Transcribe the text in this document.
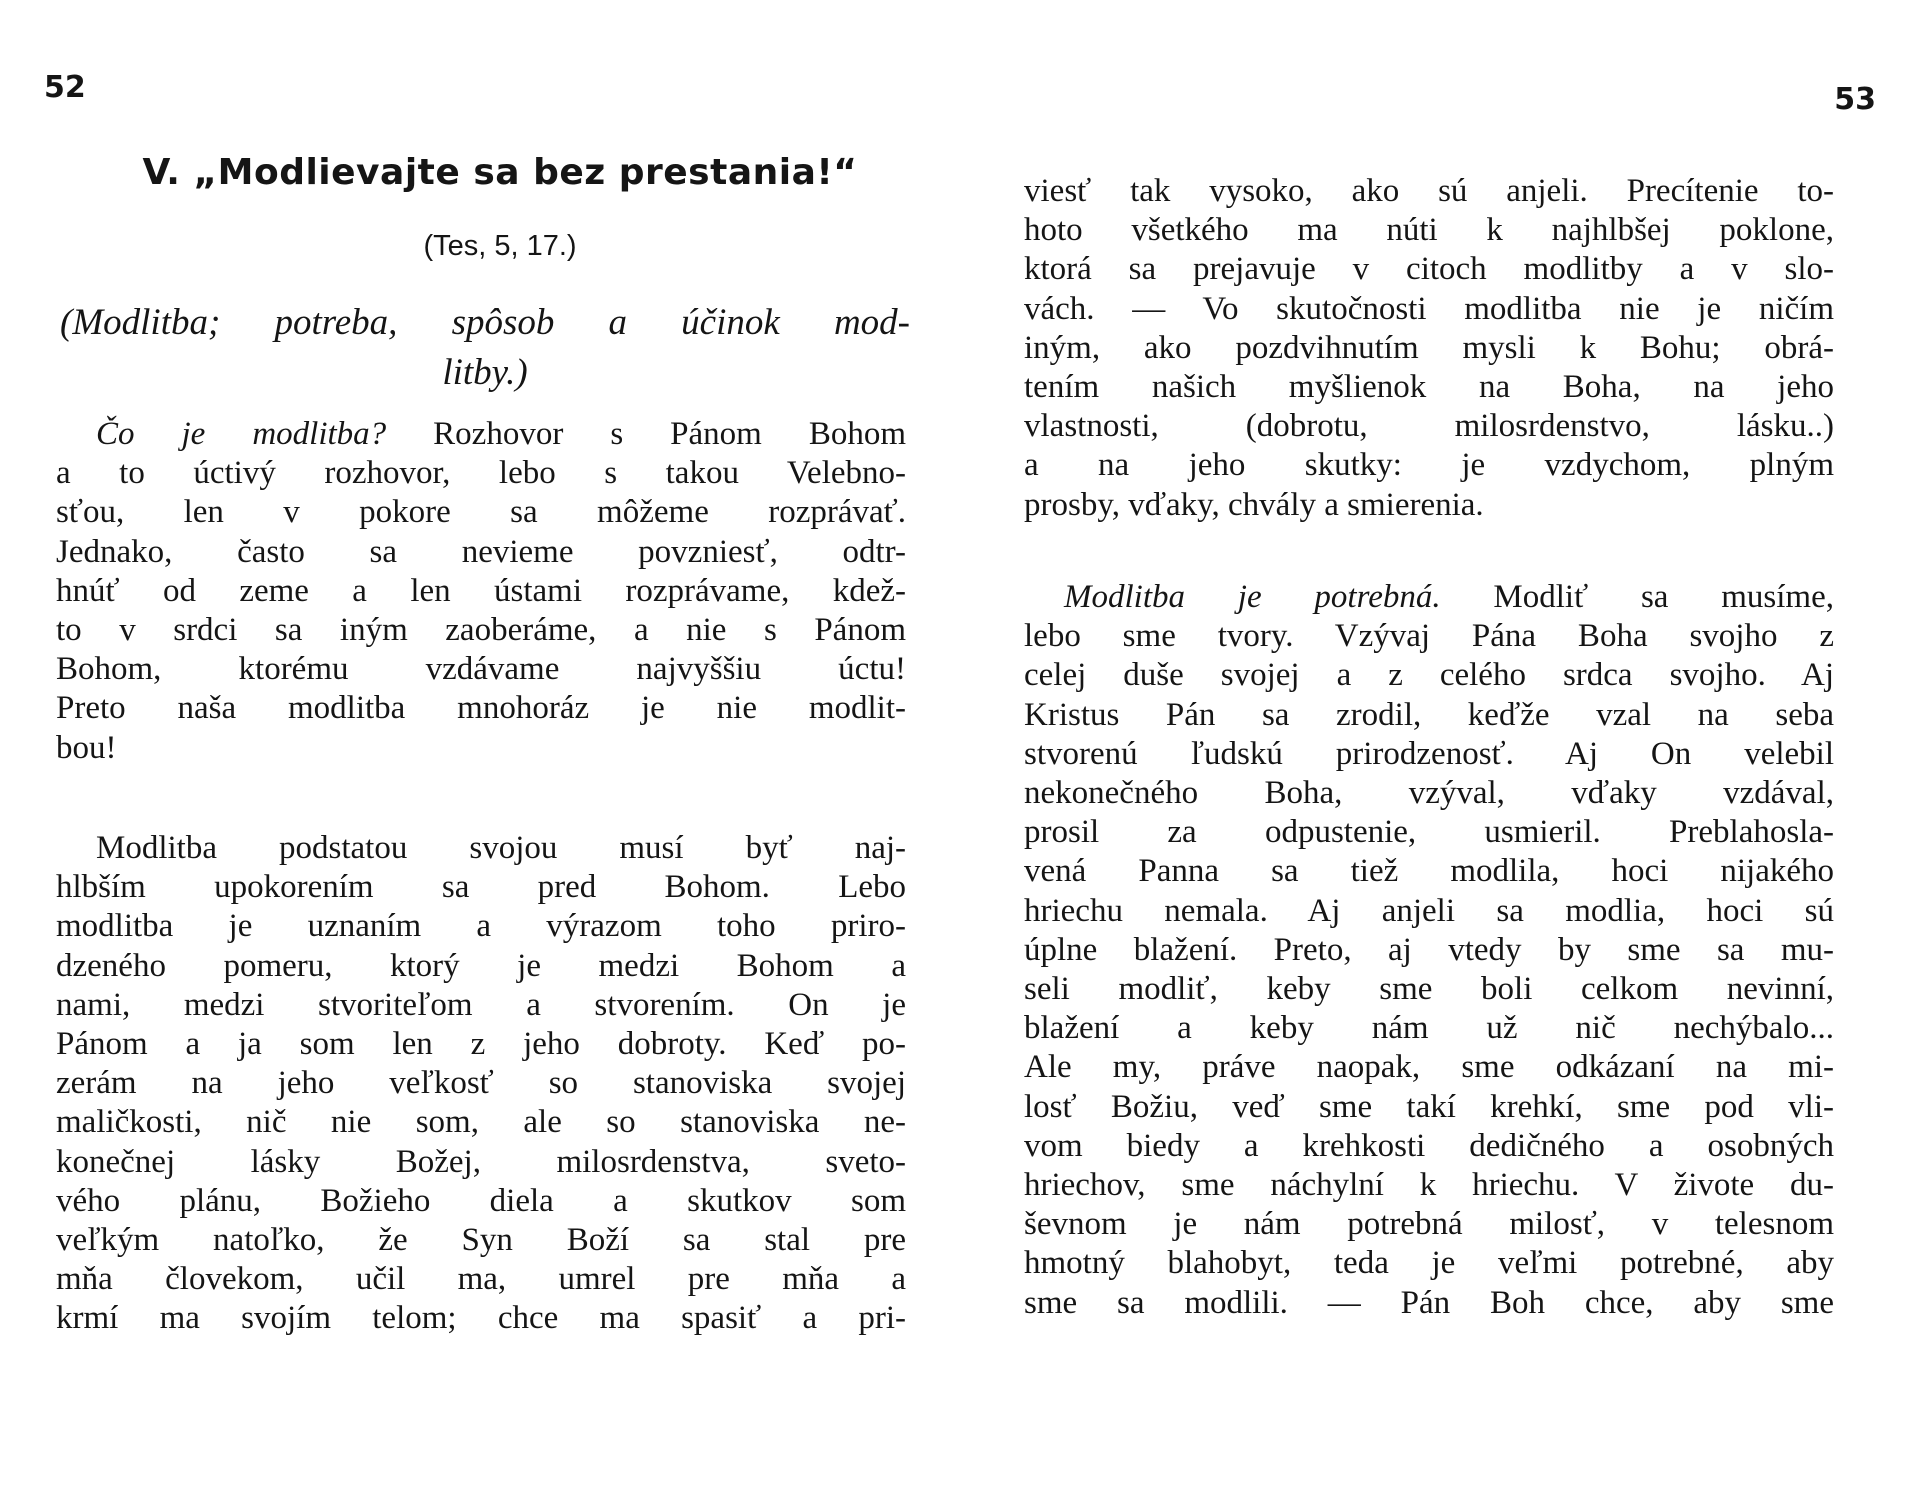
52
V. „Modlievajte sa bez prestania!“
(Tes, 5, 17.)
(Modlitba; potreba, spôsob a účinok mod-
litby.)
Čo je modlitba? Rozhovor s Pánom Bohom
a to úctivý rozhovor, lebo s takou Velebno-
sťou, len v pokore sa môžeme rozprávať.
Jednako, často sa nevieme povzniesť, odtr-
hnúť od zeme a len ústami rozprávame, kdež-
to v srdci sa iným zaoberáme, a nie s Pánom
Bohom, ktorému vzdávame najvyššiu úctu!
Preto naša modlitba mnohoráz je nie modlit-
bou!
Modlitba podstatou svojou musí byť naj-
hlbším upokorením sa pred Bohom. Lebo
modlitba je uznaním a výrazom toho priro-
dzeného pomeru, ktorý je medzi Bohom a
nami, medzi stvoriteľom a stvorením. On je
Pánom a ja som len z jeho dobroty. Keď po-
zerám na jeho veľkosť so stanoviska svojej
maličkosti, nič nie som, ale so stanoviska ne-
konečnej lásky Božej, milosrdenstva, sveto-
vého plánu, Božieho diela a skutkov som
veľkým natoľko, že Syn Boží sa stal pre
mňa človekom, učil ma, umrel pre mňa a
krmí ma svojím telom; chce ma spasiť a pri-
53
viesť tak vysoko, ako sú anjeli. Precítenie to-
hoto všetkého ma núti k najhlbšej poklone,
ktorá sa prejavuje v citoch modlitby a v slo-
vách. — Vo skutočnosti modlitba nie je ničím
iným, ako pozdvihnutím mysli k Bohu; obrá-
tením našich myšlienok na Boha, na jeho
vlastnosti, (dobrotu, milosrdenstvo, lásku..)
a na jeho skutky: je vzdychom, plným
prosby, vďaky, chvály a smierenia.
Modlitba je potrebná. Modliť sa musíme,
lebo sme tvory. Vzývaj Pána Boha svojho z
celej duše svojej a z celého srdca svojho. Aj
Kristus Pán sa zrodil, keďže vzal na seba
stvorenú ľudskú prirodzenosť. Aj On velebil
nekonečného Boha, vzýval, vďaky vzdával,
prosil za odpustenie, usmieril. Preblahosla-
vená Panna sa tiež modlila, hoci nijakého
hriechu nemala. Aj anjeli sa modlia, hoci sú
úplne blažení. Preto, aj vtedy by sme sa mu-
seli modliť, keby sme boli celkom nevinní,
blažení a keby nám už nič nechýbalo...
Ale my, práve naopak, sme odkázaní na mi-
losť Božiu, veď sme takí krehkí, sme pod vli-
vom biedy a krehkosti dedičného a osobných
hriechov, sme náchylní k hriechu. V živote du-
ševnom je nám potrebná milosť, v telesnom
hmotný blahobyt, teda je veľmi potrebné, aby
sme sa modlili. — Pán Boh chce, aby sme
